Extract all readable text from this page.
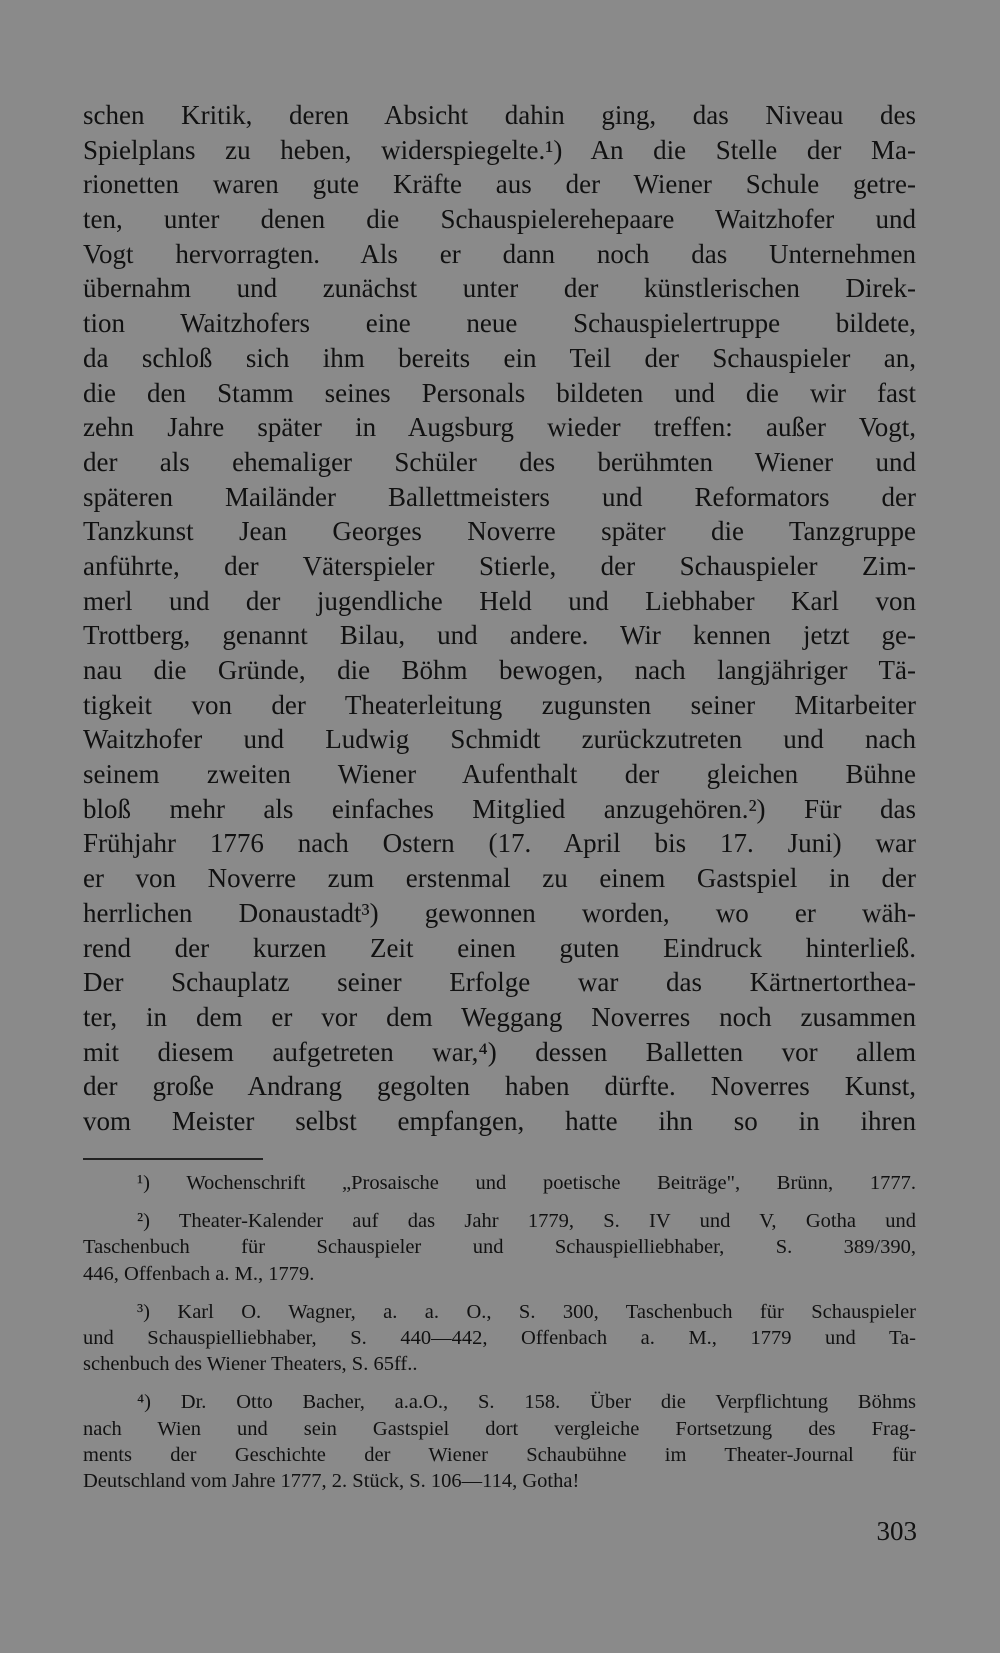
schen Kritik, deren Absicht dahin ging, das Niveau des
Spielplans zu heben, widerspiegelte.¹) An die Stelle der Ma-
rionetten waren gute Kräfte aus der Wiener Schule getre-
ten, unter denen die Schauspielerehepaare Waitzhofer und
Vogt hervorragten. Als er dann noch das Unternehmen
übernahm und zunächst unter der künstlerischen Direk-
tion Waitzhofers eine neue Schauspielertruppe bildete,
da schloß sich ihm bereits ein Teil der Schauspieler an,
die den Stamm seines Personals bildeten und die wir fast
zehn Jahre später in Augsburg wieder treffen: außer Vogt,
der als ehemaliger Schüler des berühmten Wiener und
späteren Mailänder Ballettmeisters und Reformators der
Tanzkunst Jean Georges Noverre später die Tanzgruppe
anführte, der Väterspieler Stierle, der Schauspieler Zim-
merl und der jugendliche Held und Liebhaber Karl von
Trottberg, genannt Bilau, und andere. Wir kennen jetzt ge-
nau die Gründe, die Böhm bewogen, nach langjähriger Tä-
tigkeit von der Theaterleitung zugunsten seiner Mitarbeiter
Waitzhofer und Ludwig Schmidt zurückzutreten und nach
seinem zweiten Wiener Aufenthalt der gleichen Bühne
bloß mehr als einfaches Mitglied anzugehören.²) Für das
Frühjahr 1776 nach Ostern (17. April bis 17. Juni) war
er von Noverre zum erstenmal zu einem Gastspiel in der
herrlichen Donaustadt³) gewonnen worden, wo er wäh-
rend der kurzen Zeit einen guten Eindruck hinterließ.
Der Schauplatz seiner Erfolge war das Kärtnertorthea-
ter, in dem er vor dem Weggang Noverres noch zusammen
mit diesem aufgetreten war,⁴) dessen Balletten vor allem
der große Andrang gegolten haben dürfte. Noverres Kunst,
vom Meister selbst empfangen, hatte ihn so in ihren
¹) Wochenschrift „Prosaische und poetische Beiträge", Brünn, 1777.
²) Theater-Kalender auf das Jahr 1779, S. IV und V, Gotha und
Taschenbuch für Schauspieler und Schauspielliebhaber, S. 389/390,
446, Offenbach a. M., 1779.
³) Karl O. Wagner, a. a. O., S. 300, Taschenbuch für Schauspieler
und Schauspielliebhaber, S. 440—442, Offenbach a. M., 1779 und Ta-
schenbuch des Wiener Theaters, S. 65ff..
⁴) Dr. Otto Bacher, a.a.O., S. 158. Über die Verpflichtung Böhms
nach Wien und sein Gastspiel dort vergleiche Fortsetzung des Frag-
ments der Geschichte der Wiener Schaubühne im Theater-Journal für
Deutschland vom Jahre 1777, 2. Stück, S. 106—114, Gotha!
303
